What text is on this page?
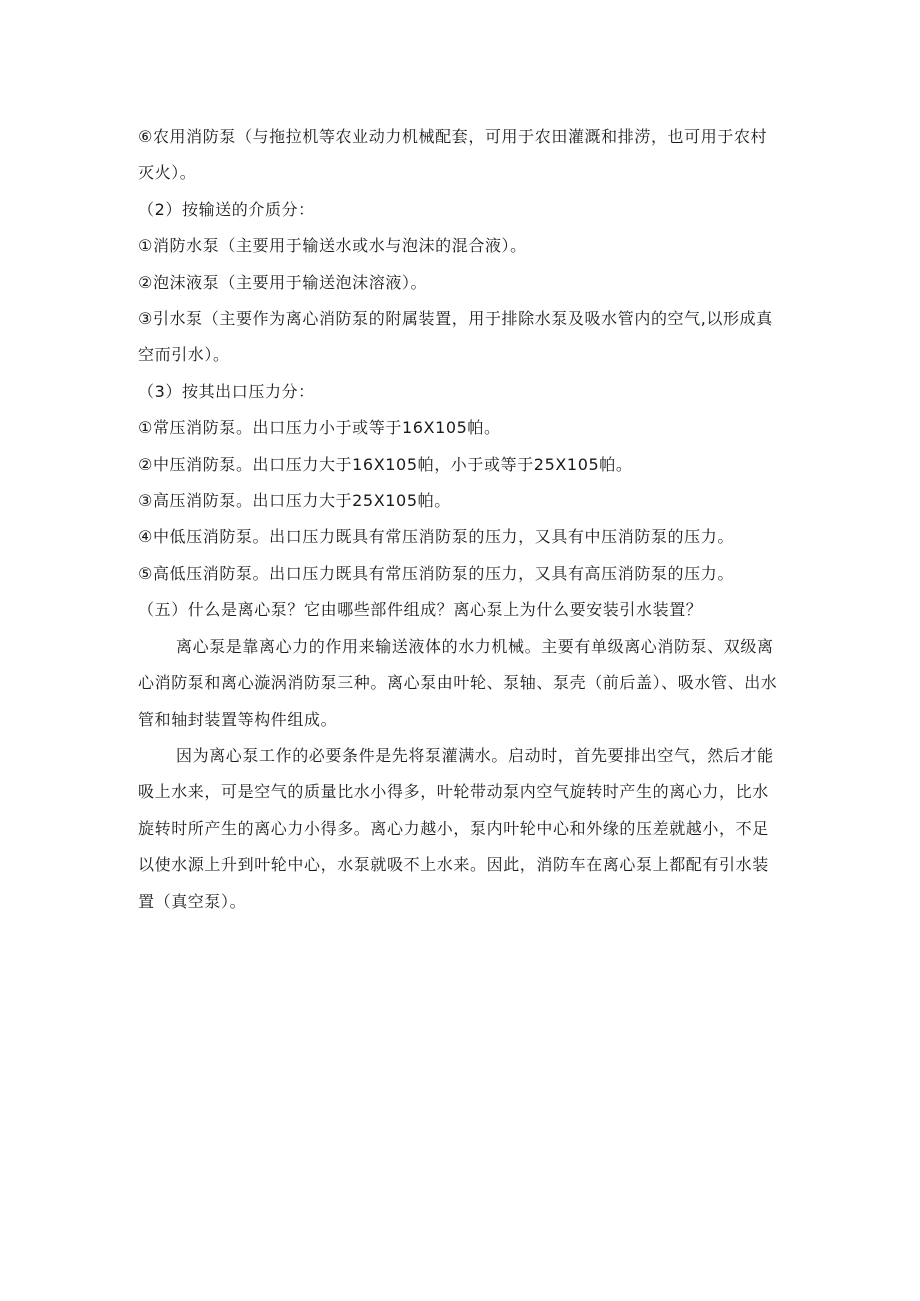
⑥农用消防泵（与拖拉机等农业动力机械配套，可用于农田灌溉和排涝，也可用于农村灭火）。

（2）按输送的介质分：

①消防水泵（主要用于输送水或水与泡沫的混合液）。

②泡沫液泵（主要用于输送泡沫溶液）。

③引水泵（主要作为离心消防泵的附属装置，用于排除水泵及吸水管内的空气,以形成真空而引水）。

（3）按其出口压力分：

①常压消防泵。出口压力小于或等于16X105帕。

②中压消防泵。出口压力大于16X105帕，小于或等于25X105帕。

③高压消防泵。出口压力大于25X105帕。

④中低压消防泵。出口压力既具有常压消防泵的压力，又具有中压消防泵的压力。

⑤高低压消防泵。出口压力既具有常压消防泵的压力，又具有高压消防泵的压力。

（五）什么是离心泵？它由哪些部件组成？离心泵上为什么要安装引水装置？

离心泵是靠离心力的作用来输送液体的水力机械。主要有单级离心消防泵、双级离心消防泵和离心漩涡消防泵三种。离心泵由叶轮、泵轴、泵壳（前后盖）、吸水管、出水管和轴封装置等构件组成。

因为离心泵工作的必要条件是先将泵灌满水。启动时，首先要排出空气，然后才能吸上水来，可是空气的质量比水小得多，叶轮带动泵内空气旋转时产生的离心力，比水旋转时所产生的离心力小得多。离心力越小，泵内叶轮中心和外缘的压差就越小，不足以使水源上升到叶轮中心，水泵就吸不上水来。因此，消防车在离心泵上都配有引水装置（真空泵）。
